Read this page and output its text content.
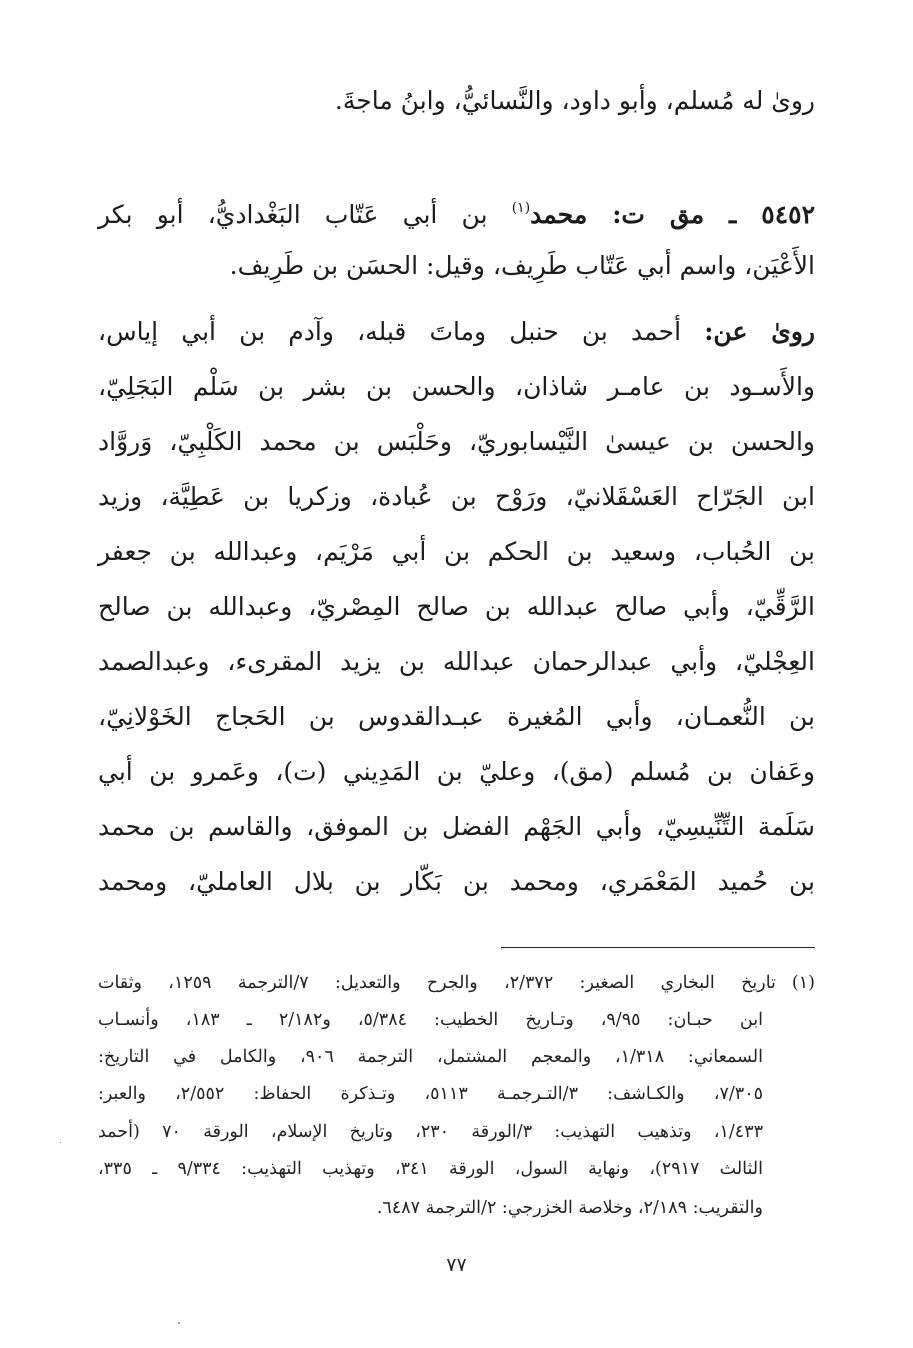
روىٰ له مُسلم، وأبو داود، والنَّسائيُّ، وابنُ ماجةَ.
٥٤٥٢ ـ مق ت: محمد$^{(١)}$ بن أبي عَتّاب البَغْداديُّ، أبو بكر
الأَعْيَن، واسم أبي عَتّاب طَرِيف، وقيل: الحسَن بن طَرِيف.
روىٰ عن: أحمد بن حنبل وماتَ قبله، وآدم بن أبي إياس،
والأَسـود بن عامـر شاذان، والحسن بن بشر بن سَلْم البَجَلِيّ،
والحسن بن عيسىٰ النَّيْسابوريّ، وحَلْبَس بن محمد الكَلْبِيّ، وَروَّاد
ابن الجَرّاح العَسْقَلانيّ، ورَوْح بن عُبادة، وزكريا بن عَطِيَّة، وزيد
بن الحُباب، وسعيد بن الحكم بن أبي مَرْيَم، وعبدالله بن جعفر
الرَّقِّيّ، وأبي صالح عبدالله بن صالح المِصْريّ، وعبدالله بن صالح
العِجْليّ، وأبي عبدالرحمان عبدالله بن يزيد المقرىء، وعبدالصمد
بن النُّعمـان، وأبي المُغيرة عبـدالقدوس بن الحَجاج الخَوْلانِيّ،
وعَفان بن مُسلم (مق)، وعليّ بن المَدِيني (ت)، وعَمرو بن أبي
سَلَمة التِّنِّيسِيّ، وأبي الجَهْم الفضل بن الموفق، والقاسم بن محمد
بن حُميد المَعْمَري، ومحمد بن بَكّار بن بلال العامليّ، ومحمد
(١)تاريخ البخاري الصغير: ٢/٣٧٢، والجرح والتعديل: ٧/الترجمة ١٢٥٩، وثقات
ابن حبـان: ٩/٩٥، وتـاريخ الخطيب: ٥/٣٨٤، و٢/١٨٢ ـ ١٨٣، وأنسـاب
السمعاني: ١/٣١٨، والمعجم المشتمل، الترجمة ٩٠٦، والكامل في التاريخ:
٧/٣٠٥، والكـاشف: ٣/التـرجمـة ٥١١٣، وتـذكرة الحفاظ: ٢/٥٥٢، والعبر:
١/٤٣٣، وتذهيب التهذيب: ٣/الورقة ٢٣٠، وتاريخ الإسلام، الورقة ٧٠ (أحمد
الثالث ٢٩١٧)، ونهاية السول، الورقة ٣٤١، وتهذيب التهذيب: ٩/٣٣٤ ـ ٣٣٥،
والتقريب: ٢/١٨٩، وخلاصة الخزرجي: ٢/الترجمة ٦٤٨٧.
٧٧
